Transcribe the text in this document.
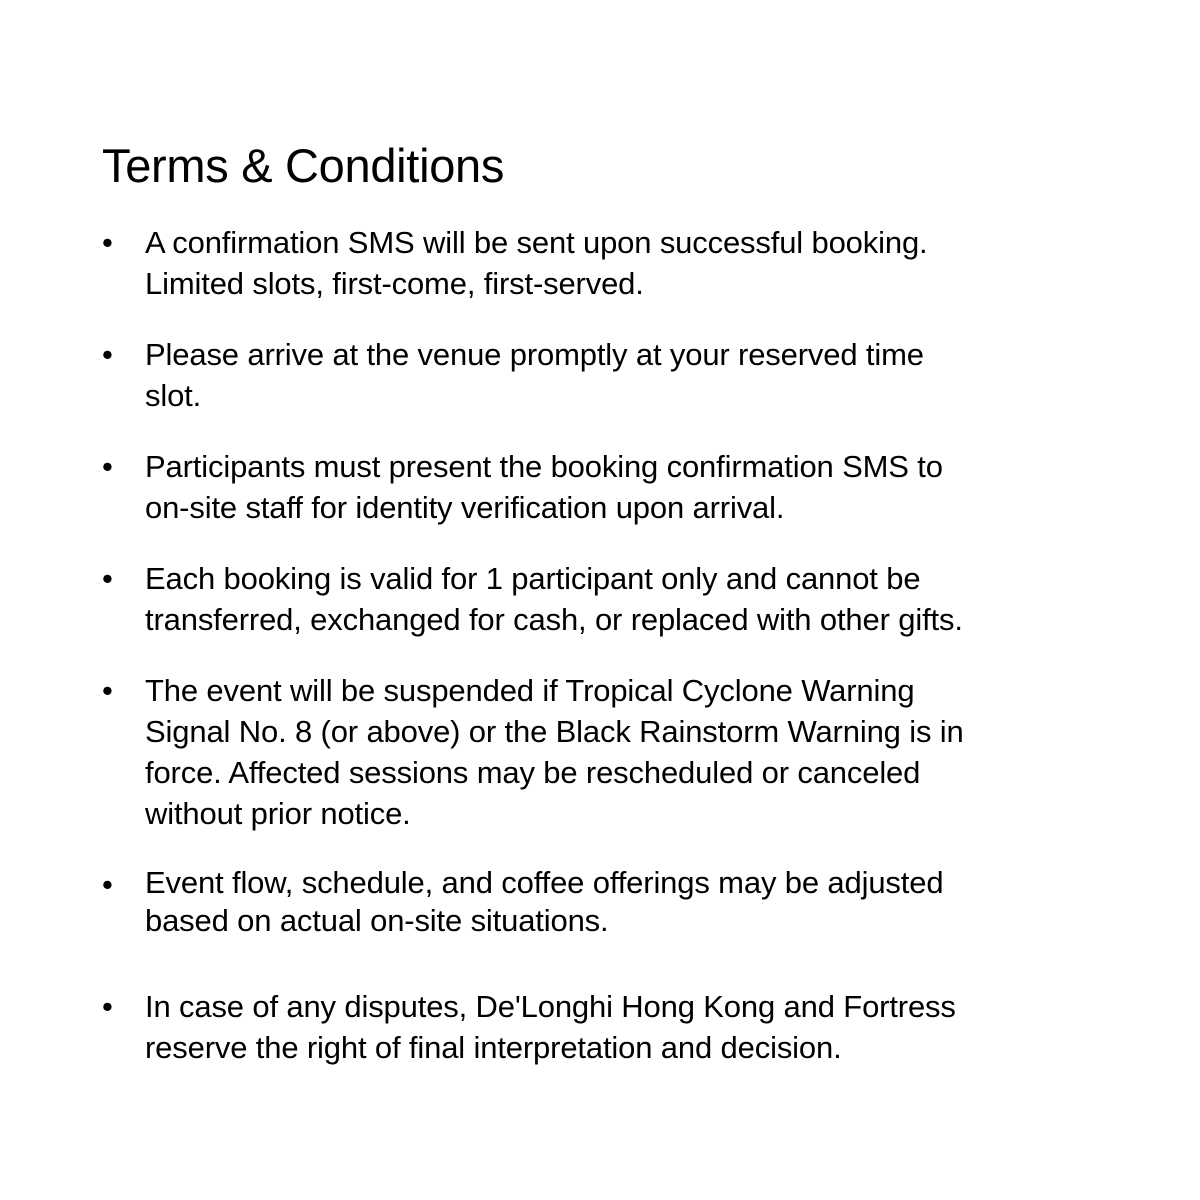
Terms & Conditions
• A confirmation SMS will be sent upon successful booking.
Limited slots, first-come, first-served.
• Please arrive at the venue promptly at your reserved time
slot.
• Participants must present the booking confirmation SMS to
on-site staff for identity verification upon arrival.
• Each booking is valid for 1 participant only and cannot be
transferred, exchanged for cash, or replaced with other gifts.
• The event will be suspended if Tropical Cyclone Warning
Signal No. 8 (or above) or the Black Rainstorm Warning is in
force. Affected sessions may be rescheduled or canceled
without prior notice.
• Event flow, schedule, and coffee offerings may be adjusted
based on actual on-site situations.
• In case of any disputes, De'Longhi Hong Kong and Fortress
reserve the right of final interpretation and decision.
